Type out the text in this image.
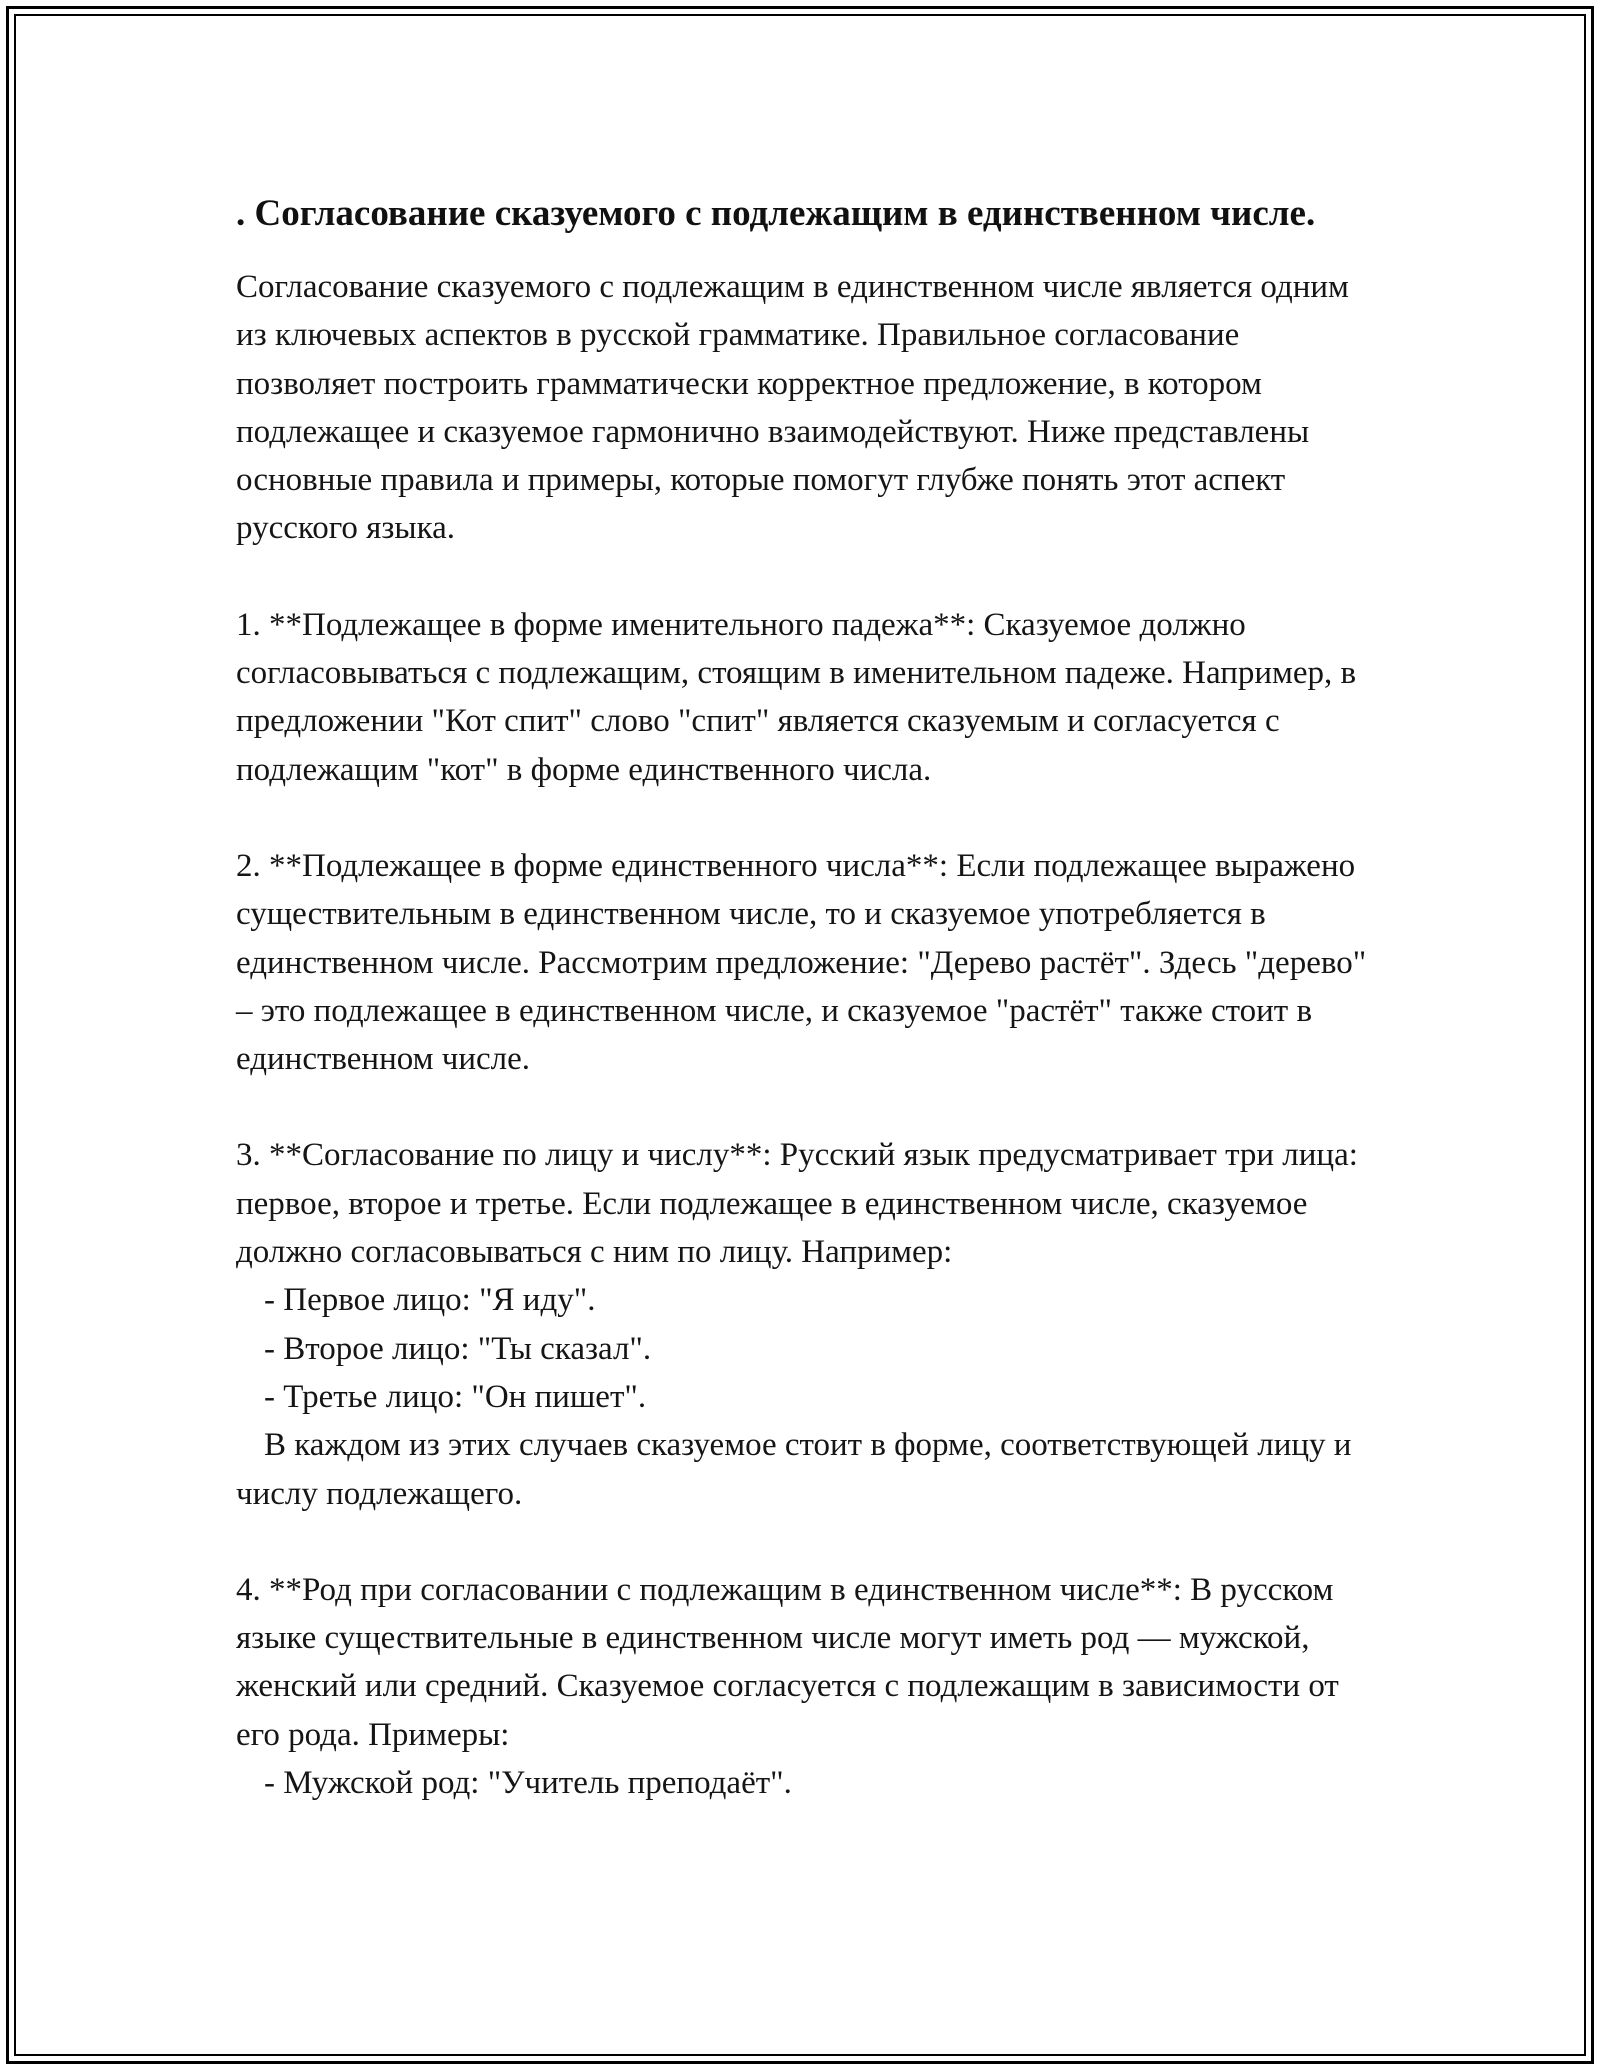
. Согласование сказуемого с подлежащим в единственном числе.

Согласование сказуемого с подлежащим в единственном числе является одним из ключевых аспектов в русской грамматике. Правильное согласование позволяет построить грамматически корректное предложение, в котором подлежащее и сказуемое гармонично взаимодействуют. Ниже представлены основные правила и примеры, которые помогут глубже понять этот аспект русского языка.

1. **Подлежащее в форме именительного падежа**: Сказуемое должно согласовываться с подлежащим, стоящим в именительном падеже. Например, в предложении "Кот спит" слово "спит" является сказуемым и согласуется с подлежащим "кот" в форме единственного числа.

2. **Подлежащее в форме единственного числа**: Если подлежащее выражено существительным в единственном числе, то и сказуемое употребляется в единственном числе. Рассмотрим предложение: "Дерево растёт". Здесь "дерево" – это подлежащее в единственном числе, и сказуемое "растёт" также стоит в единственном числе.

3. **Согласование по лицу и числу**: Русский язык предусматривает три лица: первое, второе и третье. Если подлежащее в единственном числе, сказуемое должно согласовываться с ним по лицу. Например:

- Первое лицо: "Я иду".

- Второе лицо: "Ты сказал".

- Третье лицо: "Он пишет".

В каждом из этих случаев сказуемое стоит в форме, соответствующей лицу и числу подлежащего.

4. **Род при согласовании с подлежащим в единственном числе**: В русском языке существительные в единственном числе могут иметь род — мужской, женский или средний. Сказуемое согласуется с подлежащим в зависимости от его рода. Примеры:

- Мужской род: "Учитель преподаёт".
